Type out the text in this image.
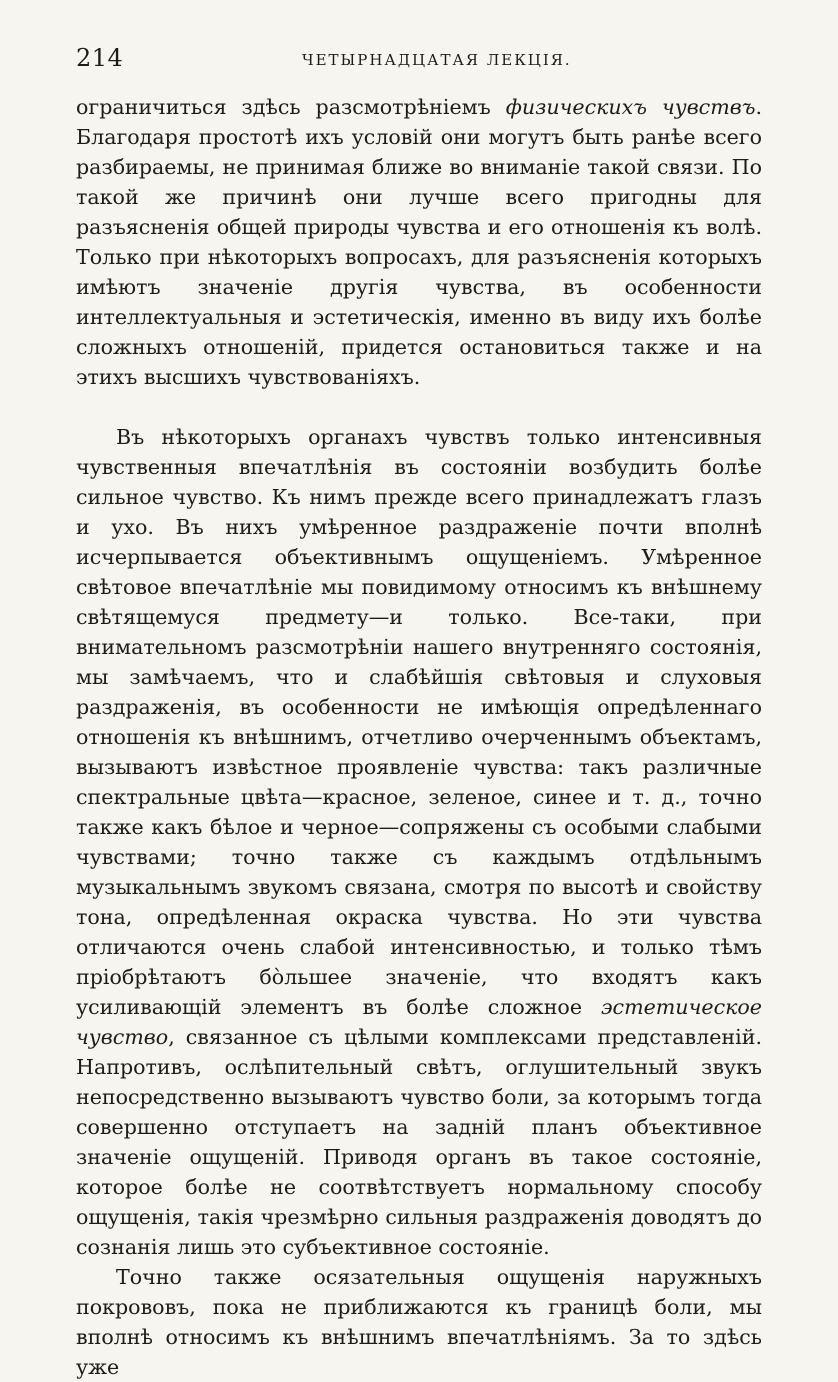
214	ЧЕТЫРНАДЦАТАЯ ЛЕКЦІЯ.

ограничиться здѣсь разсмотрѣніемъ физическихъ чувствъ. Благодаря простотѣ ихъ условій они могутъ быть ранѣе всего разбираемы, не принимая ближе во вниманіе такой связи. По такой же причинѣ они лучше всего пригодны для разъясненія общей природы чувства и его отношенія къ волѣ. Только при нѣкоторыхъ вопросахъ, для разъясненія которыхъ имѣютъ значеніе другія чувства, въ особенности интеллектуальныя и эстетическія, именно въ виду ихъ болѣе сложныхъ отношеній, придется остановиться также и на этихъ высшихъ чувствованіяхъ.

Въ нѣкоторыхъ органахъ чувствъ только интенсивныя чувственныя впечатлѣнія въ состояніи возбудить болѣе сильное чувство. Къ нимъ прежде всего принадлежатъ глазъ и ухо. Въ нихъ умѣренное раздраженіе почти вполнѣ исчерпывается объективнымъ ощущеніемъ. Умѣренное свѣтовое впечатлѣніе мы повидимому относимъ къ внѣшнему свѣтящемуся предмету—и только. Все-таки, при внимательномъ разсмотрѣніи нашего внутренняго состоянія, мы замѣчаемъ, что и слабѣйшія свѣтовыя и слуховыя раздраженія, въ особенности не имѣющія опредѣленнаго отношенія къ внѣшнимъ, отчетливо очерченнымъ объектамъ, вызываютъ извѣстное проявленіе чувства: такъ различные спектральные цвѣта—красное, зеленое, синее и т. д., точно также какъ бѣлое и черное—сопряжены съ особыми слабыми чувствами; точно также съ каждымъ отдѣльнымъ музыкальнымъ звукомъ связана, смотря по высотѣ и свойству тона, опредѣленная окраска чувства. Но эти чувства отличаются очень слабой интенсивностью, и только тѣмъ пріобрѣтаютъ бо̀льшее значеніе, что входятъ какъ усиливающій элементъ въ болѣе сложное эстетическое чувство, связанное съ цѣлыми комплексами представленій. Напротивъ, ослѣпительный свѣтъ, оглушительный звукъ непосредственно вызываютъ чувство боли, за которымъ тогда совершенно отступаетъ на задній планъ объективное значеніе ощущеній. Приводя органъ въ такое состояніе, которое болѣе не соотвѣтствуетъ нормальному способу ощущенія, такія чрезмѣрно сильныя раздраженія доводятъ до сознанія лишь это субъективное состояніе.

Точно также осязательныя ощущенія наружныхъ покрововъ, пока не приближаются къ границѣ боли, мы вполнѣ относимъ къ внѣшнимъ впечатлѣніямъ. За то здѣсь уже
